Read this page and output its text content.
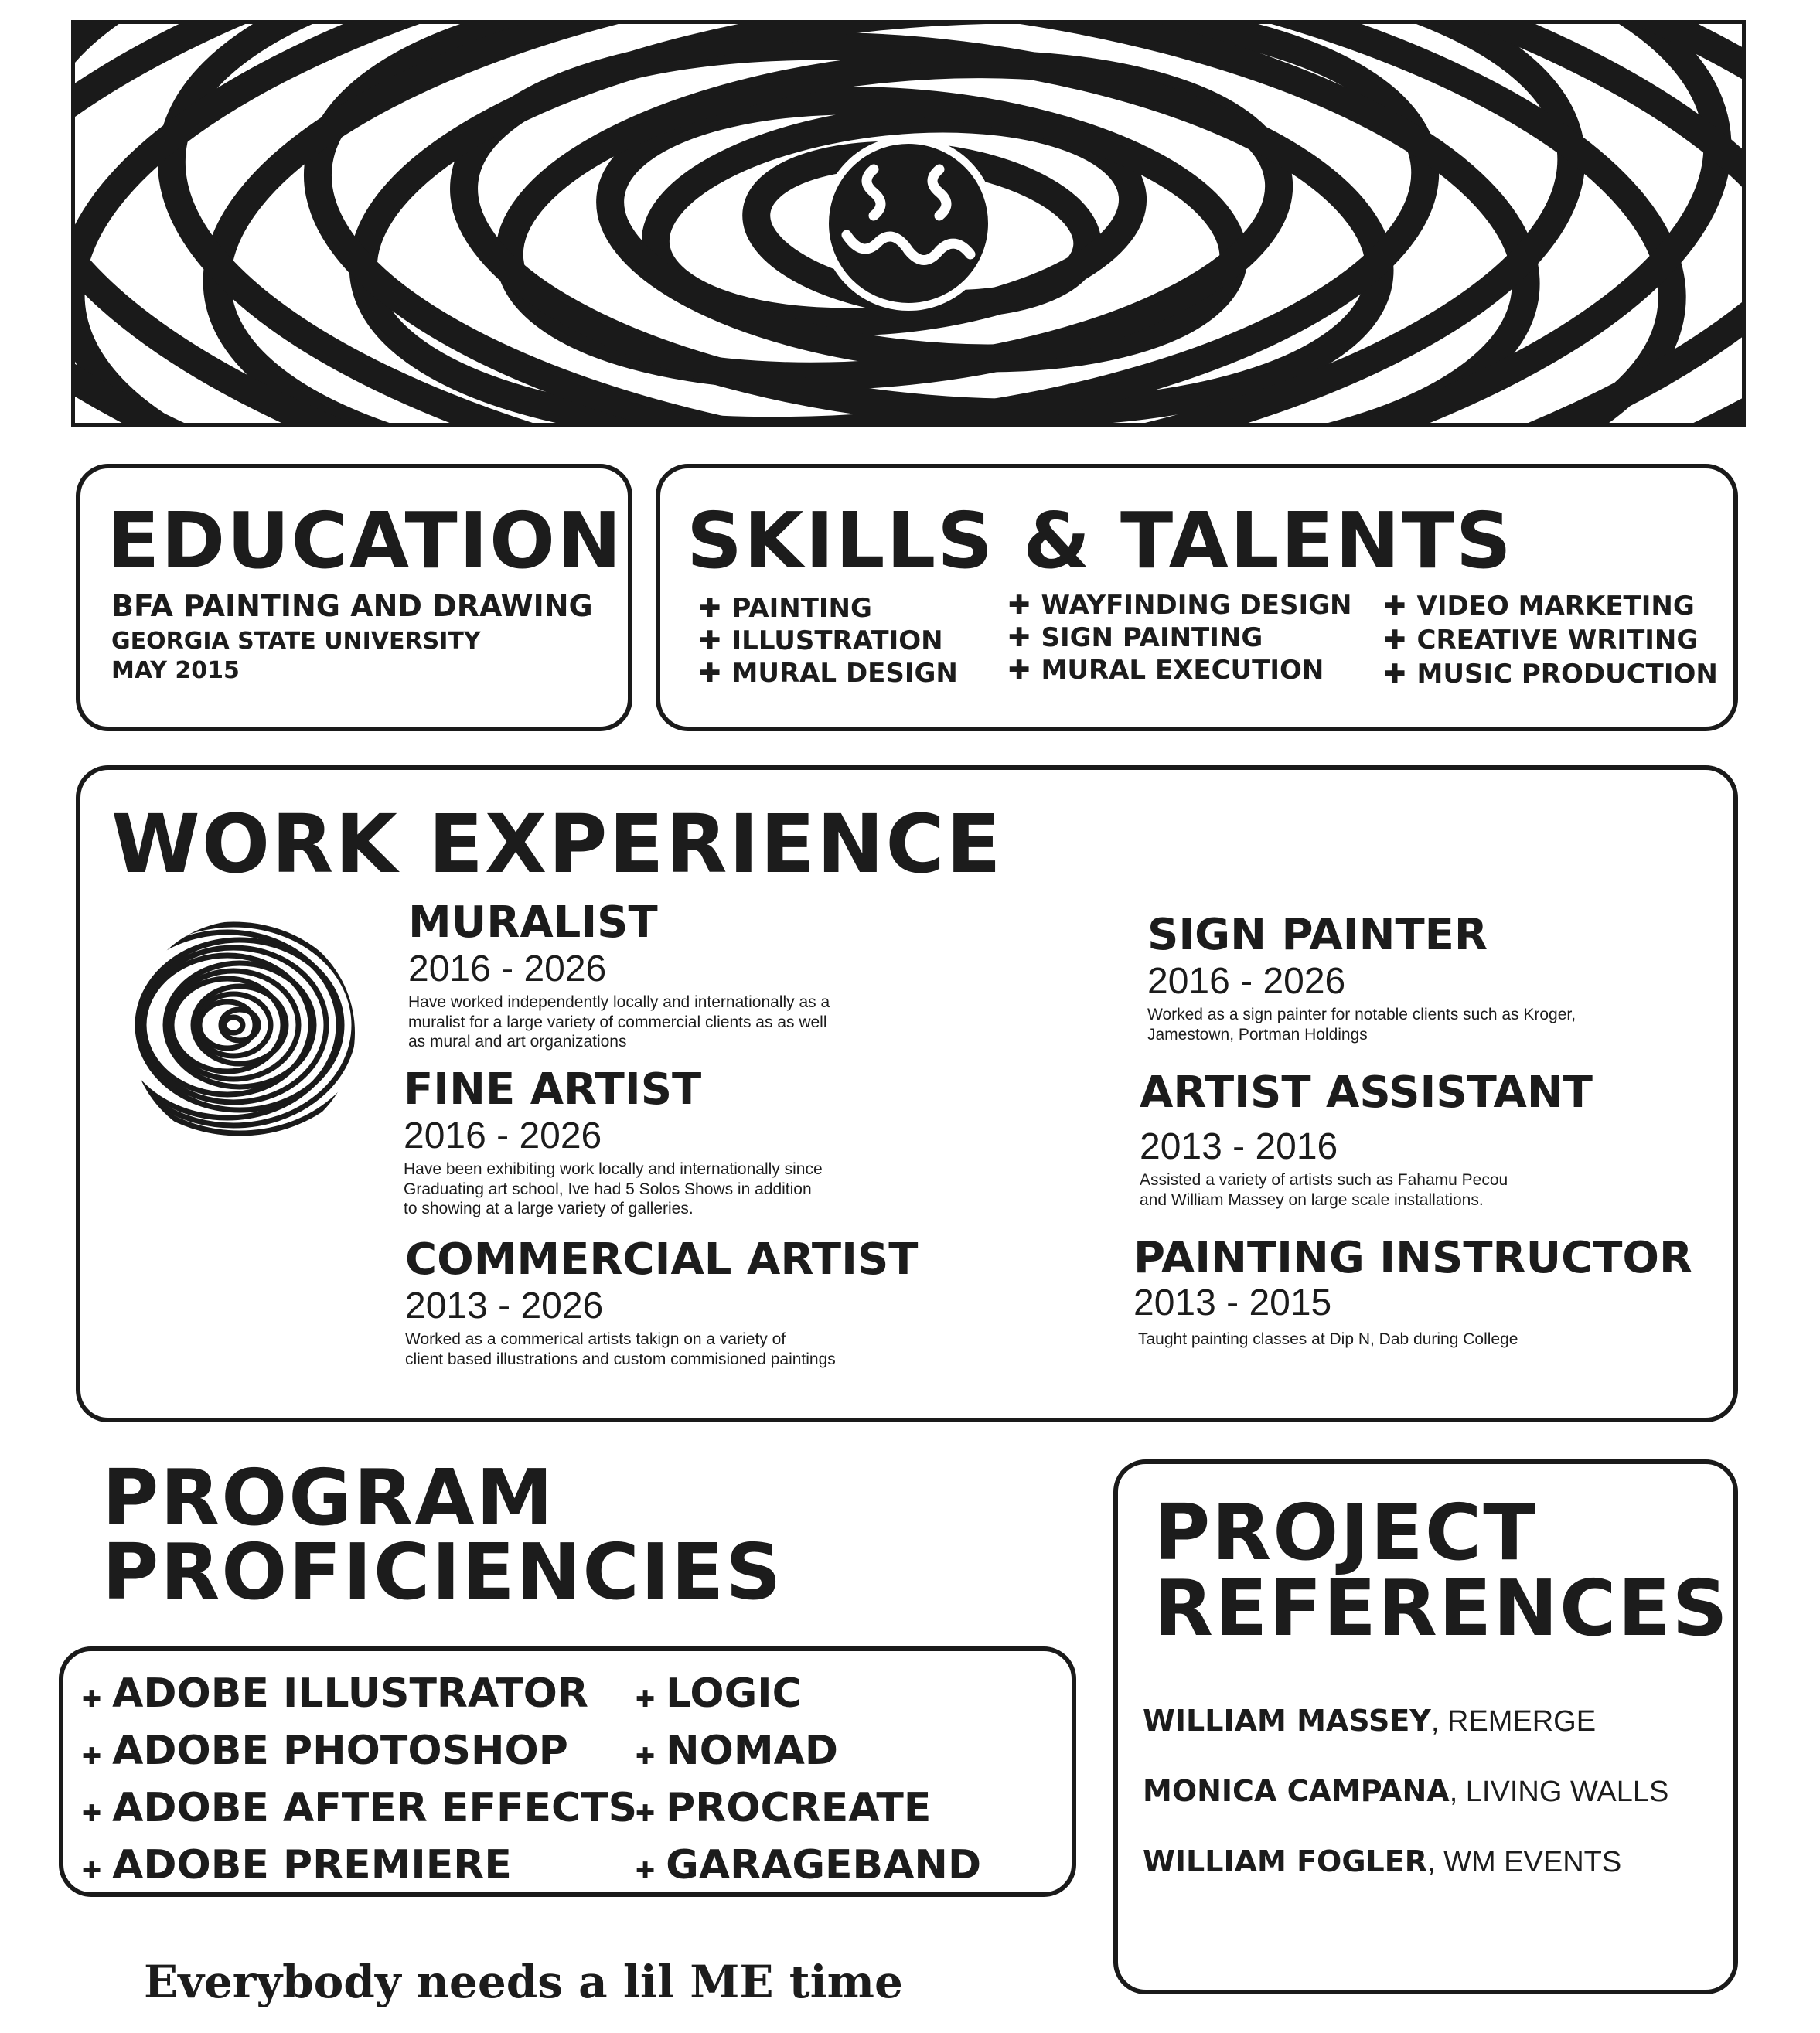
EDUCATION
BFA PAINTING AND DRAWING
GEORGIA STATE UNIVERSITY
MAY 2015
SKILLS & TALENTS
✚ PAINTING
✚ ILLUSTRATION
✚ MURAL DESIGN
✚ WAYFINDING DESIGN
✚ SIGN PAINTING
✚ MURAL EXECUTION
✚ VIDEO MARKETING
✚ CREATIVE WRITING
✚ MUSIC PRODUCTION
WORK EXPERIENCE
MURALIST
2016 - 2026
Have worked independently locally and internationally as a
muralist for a large variety of commercial clients as as well
as mural and art organizations
FINE ARTIST
2016 - 2026
Have been exhibiting work locally and internationally since
Graduating art school, Ive had 5 Solos Shows in addition
to showing at a large variety of galleries.
COMMERCIAL ARTIST
2013 - 2026
Worked as a commerical artists takign on a variety of
client based illustrations and custom commisioned paintings
SIGN PAINTER
2016 - 2026
Worked as a sign painter for notable clients such as Kroger,
Jamestown, Portman Holdings
ARTIST ASSISTANT
2013 - 2016
Assisted a variety of artists such as Fahamu Pecou
and William Massey on large scale installations.
PAINTING INSTRUCTOR
2013 - 2015
Taught painting classes at Dip N, Dab during College
PROGRAM
PROFICIENCIES
✚ ADOBE ILLUSTRATOR
✚ ADOBE PHOTOSHOP
✚ ADOBE AFTER EFFECTS
✚ ADOBE PREMIERE
✚ LOGIC
✚ NOMAD
✚ PROCREATE
✚ GARAGEBAND
PROJECT
REFERENCES
WILLIAM MASSEY, REMERGE
MONICA CAMPANA, LIVING WALLS
WILLIAM FOGLER, WM EVENTS
Everybody needs a lil ME time
